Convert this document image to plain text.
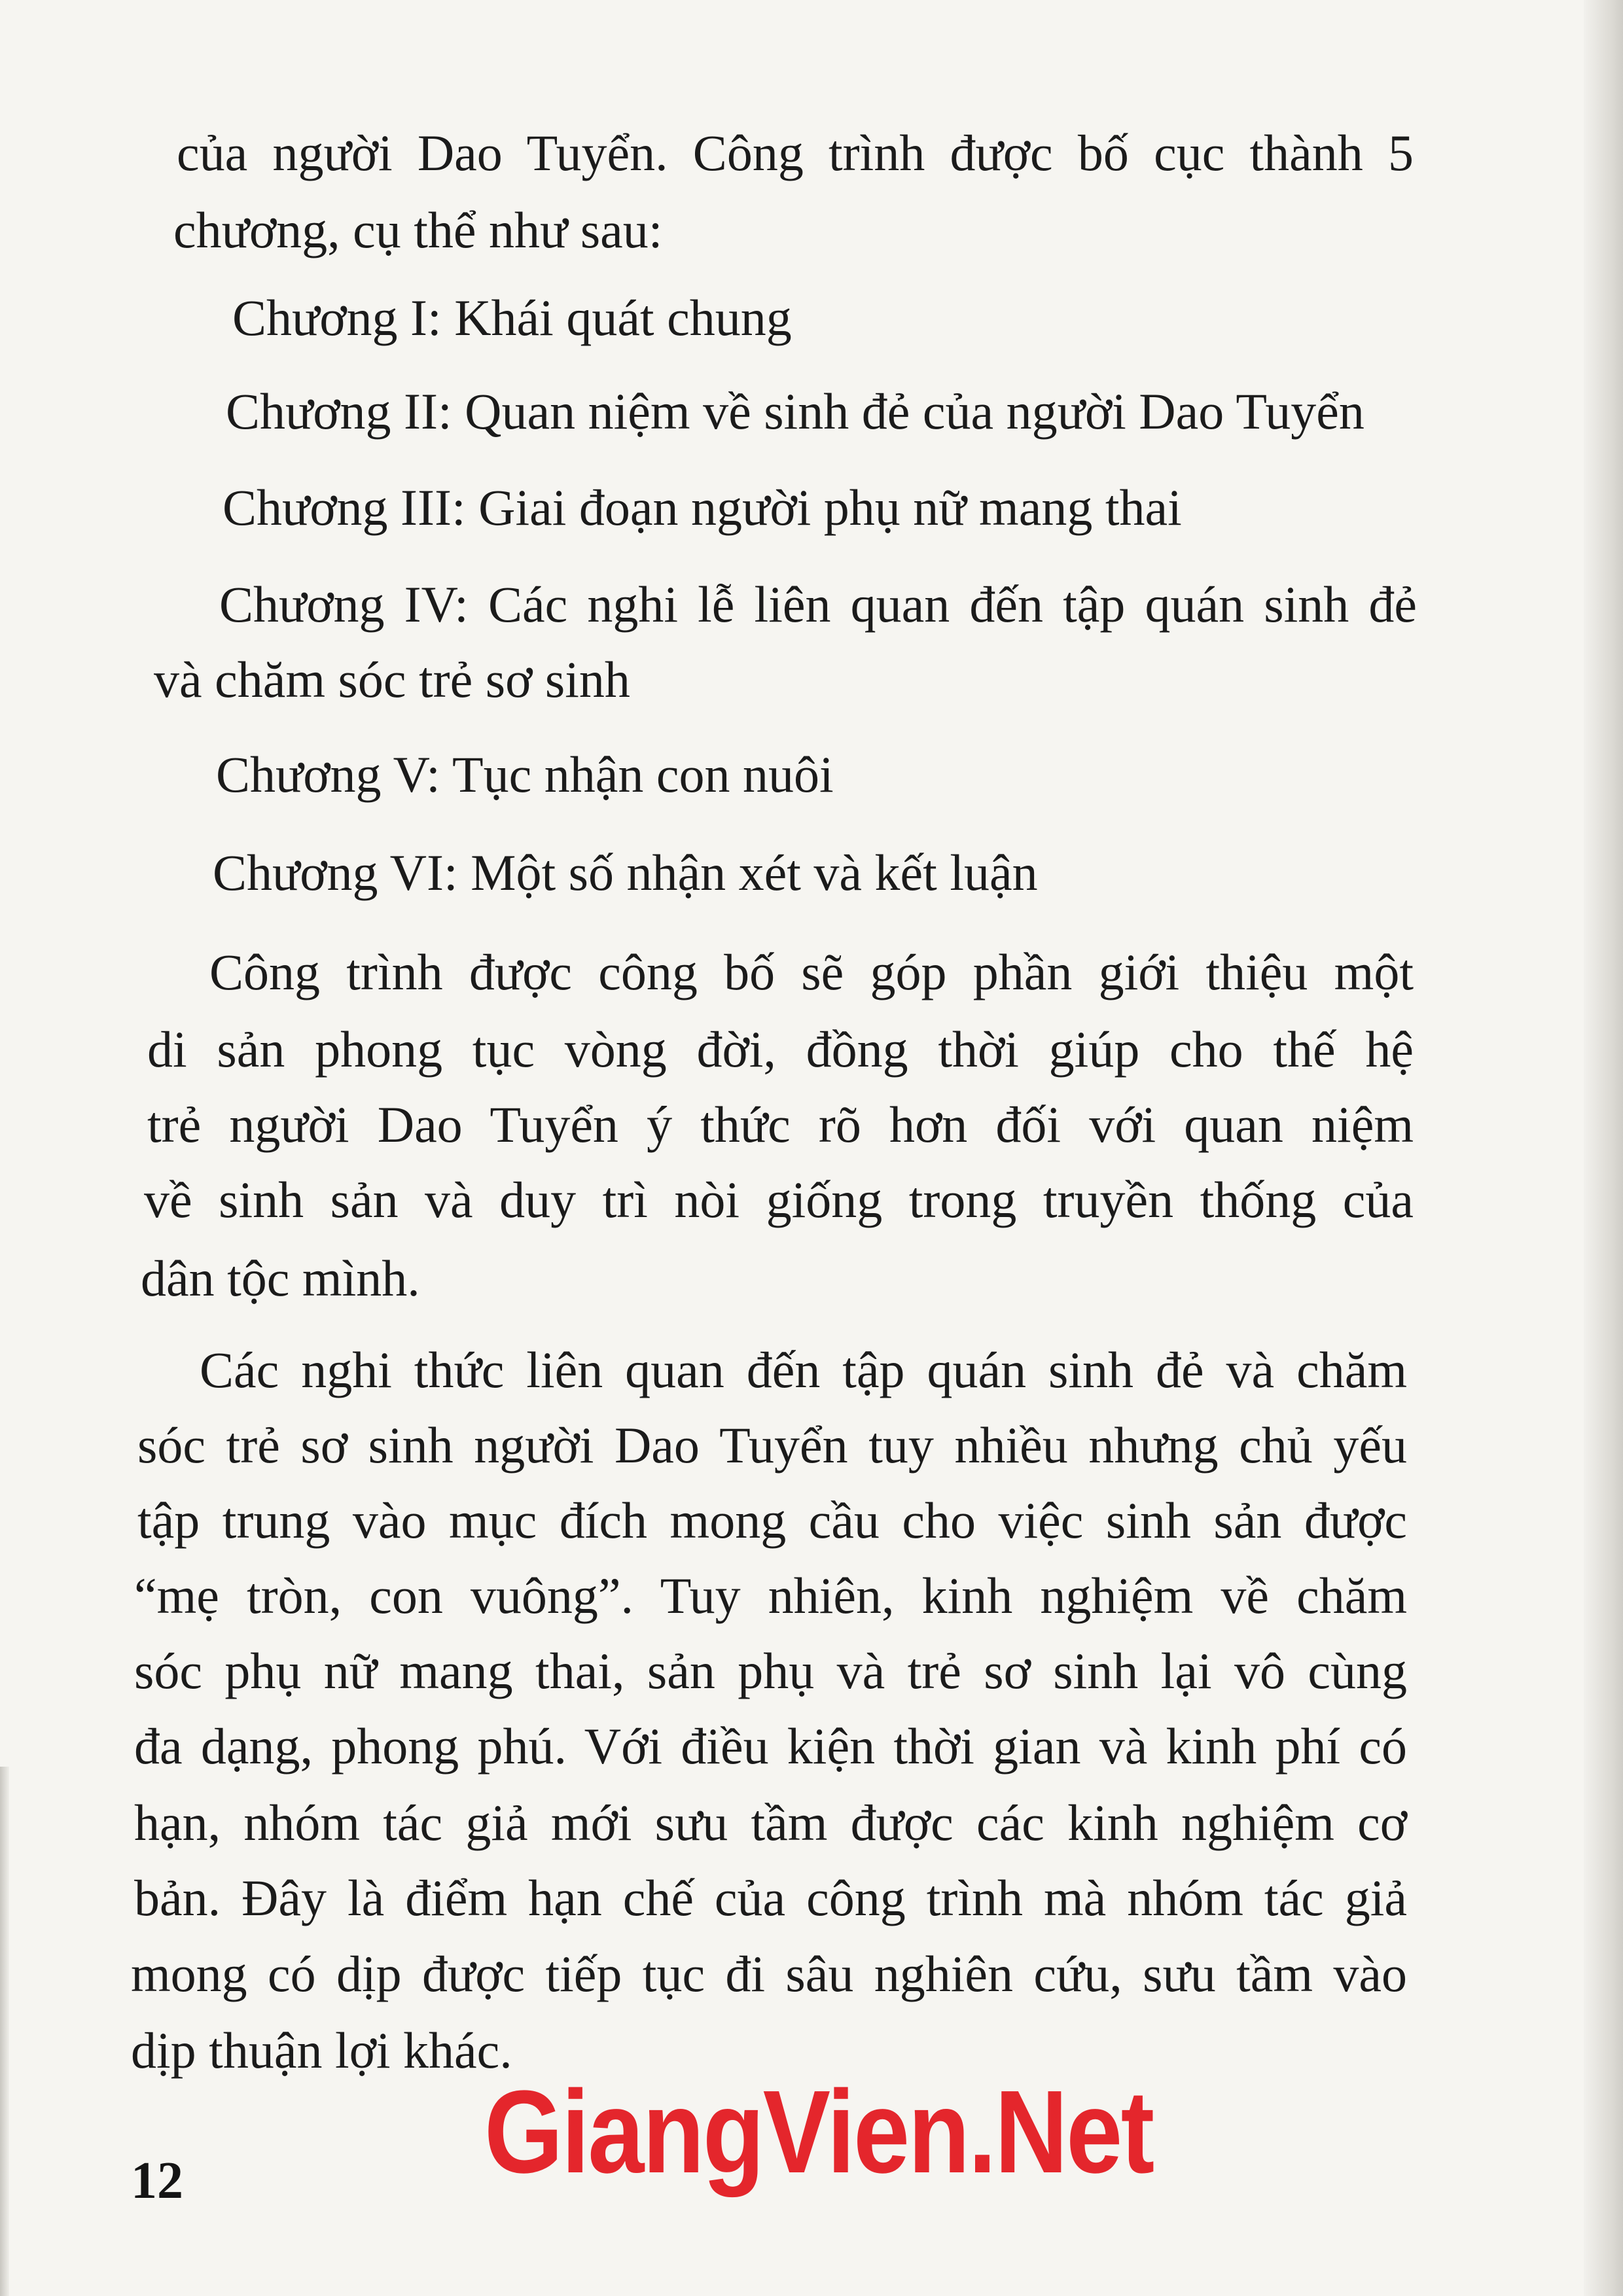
của người Dao Tuyển. Công trình được bố cục thành 5

chương, cụ thể như sau:

Chương I: Khái quát chung

Chương II: Quan niệm về sinh đẻ của người Dao Tuyển

Chương III: Giai đoạn người phụ nữ mang thai

Chương IV: Các nghi lễ liên quan đến tập quán sinh đẻ

và chăm sóc trẻ sơ sinh

Chương V: Tục nhận con nuôi

Chương VI: Một số nhận xét và kết luận

Công trình được công bố sẽ góp phần giới thiệu một

di sản phong tục vòng đời, đồng thời giúp cho thế hệ

trẻ người Dao Tuyển ý thức rõ hơn đối với quan niệm

về sinh sản và duy trì nòi giống trong truyền thống của

dân tộc mình.

Các nghi thức liên quan đến tập quán sinh đẻ và chăm

sóc trẻ sơ sinh người Dao Tuyển tuy nhiều nhưng chủ yếu

tập trung vào mục đích mong cầu cho việc sinh sản được

“mẹ tròn, con vuông”. Tuy nhiên, kinh nghiệm về chăm

sóc phụ nữ mang thai, sản phụ và trẻ sơ sinh lại vô cùng

đa dạng, phong phú. Với điều kiện thời gian và kinh phí có

hạn, nhóm tác giả mới sưu tầm được các kinh nghiệm cơ

bản. Đây là điểm hạn chế của công trình mà nhóm tác giả

mong có dịp được tiếp tục đi sâu nghiên cứu, sưu tầm vào

dịp thuận lợi khác.

12	GiangVien.Net
